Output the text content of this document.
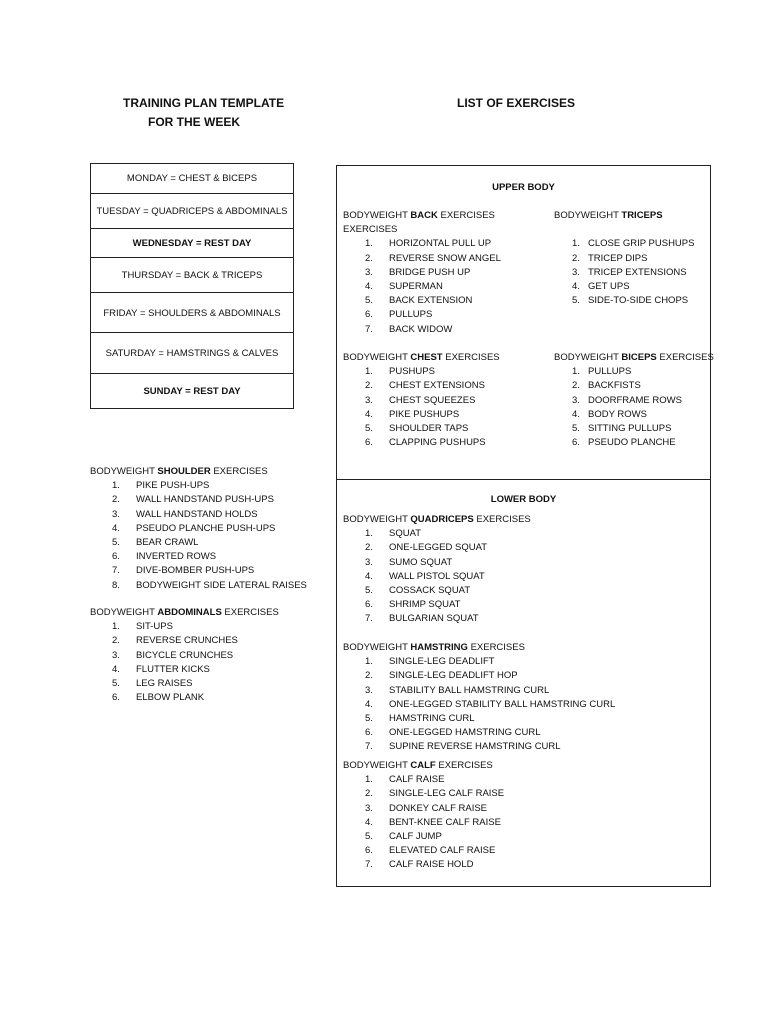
TRAINING PLAN TEMPLATE
FOR THE WEEK
LIST OF EXERCISES
MONDAY = CHEST & BICEPS
TUESDAY = QUADRICEPS & ABDOMINALS
WEDNESDAY = REST DAY
THURSDAY = BACK & TRICEPS
FRIDAY = SHOULDERS & ABDOMINALS
SATURDAY = HAMSTRINGS & CALVES
SUNDAY = REST DAY
BODYWEIGHT SHOULDER EXERCISES
1. PIKE PUSH-UPS
2. WALL HANDSTAND PUSH-UPS
3. WALL HANDSTAND HOLDS
4. PSEUDO PLANCHE PUSH-UPS
5. BEAR CRAWL
6. INVERTED ROWS
7. DIVE-BOMBER PUSH-UPS
8. BODYWEIGHT SIDE LATERAL RAISES
BODYWEIGHT ABDOMINALS EXERCISES
1. SIT-UPS
2. REVERSE CRUNCHES
3. BICYCLE CRUNCHES
4. FLUTTER KICKS
5. LEG RAISES
6. ELBOW PLANK
UPPER BODY
BODYWEIGHT BACK EXERCISES
EXERCISES
1. HORIZONTAL PULL UP
2. REVERSE SNOW ANGEL
3. BRIDGE PUSH UP
4. SUPERMAN
5. BACK EXTENSION
6. PULLUPS
7. BACK WIDOW
BODYWEIGHT TRICEPS
1. CLOSE GRIP PUSHUPS
2. TRICEP DIPS
3. TRICEP EXTENSIONS
4. GET UPS
5. SIDE-TO-SIDE CHOPS
BODYWEIGHT CHEST EXERCISES
1. PUSHUPS
2. CHEST EXTENSIONS
3. CHEST SQUEEZES
4. PIKE PUSHUPS
5. SHOULDER TAPS
6. CLAPPING PUSHUPS
BODYWEIGHT BICEPS EXERCISES
1. PULLUPS
2. BACKFISTS
3. DOORFRAME ROWS
4. BODY ROWS
5. SITTING PULLUPS
6. PSEUDO PLANCHE
LOWER BODY
BODYWEIGHT QUADRICEPS EXERCISES
1. SQUAT
2. ONE-LEGGED SQUAT
3. SUMO SQUAT
4. WALL PISTOL SQUAT
5. COSSACK SQUAT
6. SHRIMP SQUAT
7. BULGARIAN SQUAT
BODYWEIGHT HAMSTRING EXERCISES
1. SINGLE-LEG DEADLIFT
2. SINGLE-LEG DEADLIFT HOP
3. STABILITY BALL HAMSTRING CURL
4. ONE-LEGGED STABILITY BALL HAMSTRING CURL
5. HAMSTRING CURL
6. ONE-LEGGED HAMSTRING CURL
7. SUPINE REVERSE HAMSTRING CURL
BODYWEIGHT CALF EXERCISES
1. CALF RAISE
2. SINGLE-LEG CALF RAISE
3. DONKEY CALF RAISE
4. BENT-KNEE CALF RAISE
5. CALF JUMP
6. ELEVATED CALF RAISE
7. CALF RAISE HOLD
